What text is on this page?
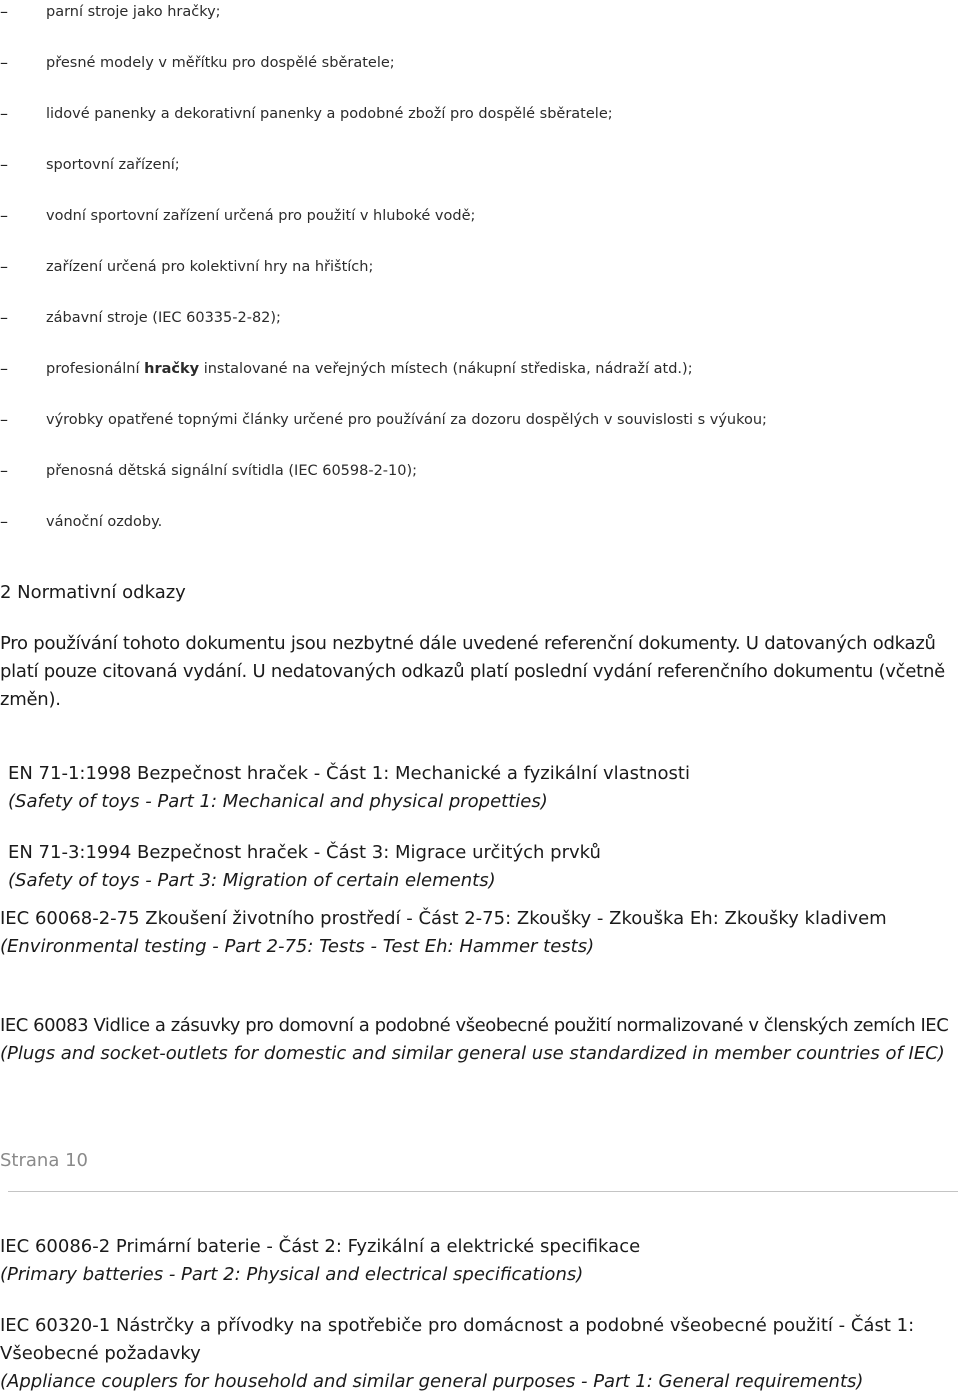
–	parní stroje jako hračky;
–	přesné modely v měřítku pro dospělé sběratele;
–	lidové panenky a dekorativní panenky a podobné zboží pro dospělé sběratele;
–	sportovní zařízení;
–	vodní sportovní zařízení určená pro použití v hluboké vodě;
–	zařízení určená pro kolektivní hry na hřištích;
–	zábavní stroje (IEC 60335-2-82);
–	profesionální hračky instalované na veřejných místech (nákupní střediska, nádraží atd.);
–	výrobky opatřené topnými články určené pro používání za dozoru dospělých v souvislosti s výukou;
–	přenosná dětská signální svítidla (IEC 60598-2-10);
–	vánoční ozdoby.
2 Normativní odkazy
Pro používání tohoto dokumentu jsou nezbytné dále uvedené referenční dokumenty. U datovaných odkazů platí pouze citovaná vydání. U nedatovaných odkazů platí poslední vydání referenčního dokumentu (včetně změn).
EN 71-1:1998 Bezpečnost hraček - Část 1: Mechanické a fyzikální vlastnosti
(Safety of toys - Part 1: Mechanical and physical propetties)
EN 71-3:1994 Bezpečnost hraček - Část 3: Migrace určitých prvků
(Safety of toys - Part 3: Migration of certain elements)
IEC 60068-2-75 Zkoušení životního prostředí - Část 2-75: Zkoušky - Zkouška Eh: Zkoušky kladivem
(Environmental testing - Part 2-75: Tests - Test Eh: Hammer tests)
IEC 60083 Vidlice a zásuvky pro domovní a podobné všeobecné použití normalizované v členských zemích IEC
(Plugs and socket-outlets for domestic and similar general use standardized in member countries of IEC)
Strana 10
IEC 60086-2 Primární baterie - Část 2: Fyzikální a elektrické specifikace
(Primary batteries - Part 2: Physical and electrical specifications)
IEC 60320-1 Nástrčky a přívodky na spotřebiče pro domácnost a podobné všeobecné použití - Část 1: Všeobecné požadavky
(Appliance couplers for household and similar general purposes - Part 1: General requirements)
